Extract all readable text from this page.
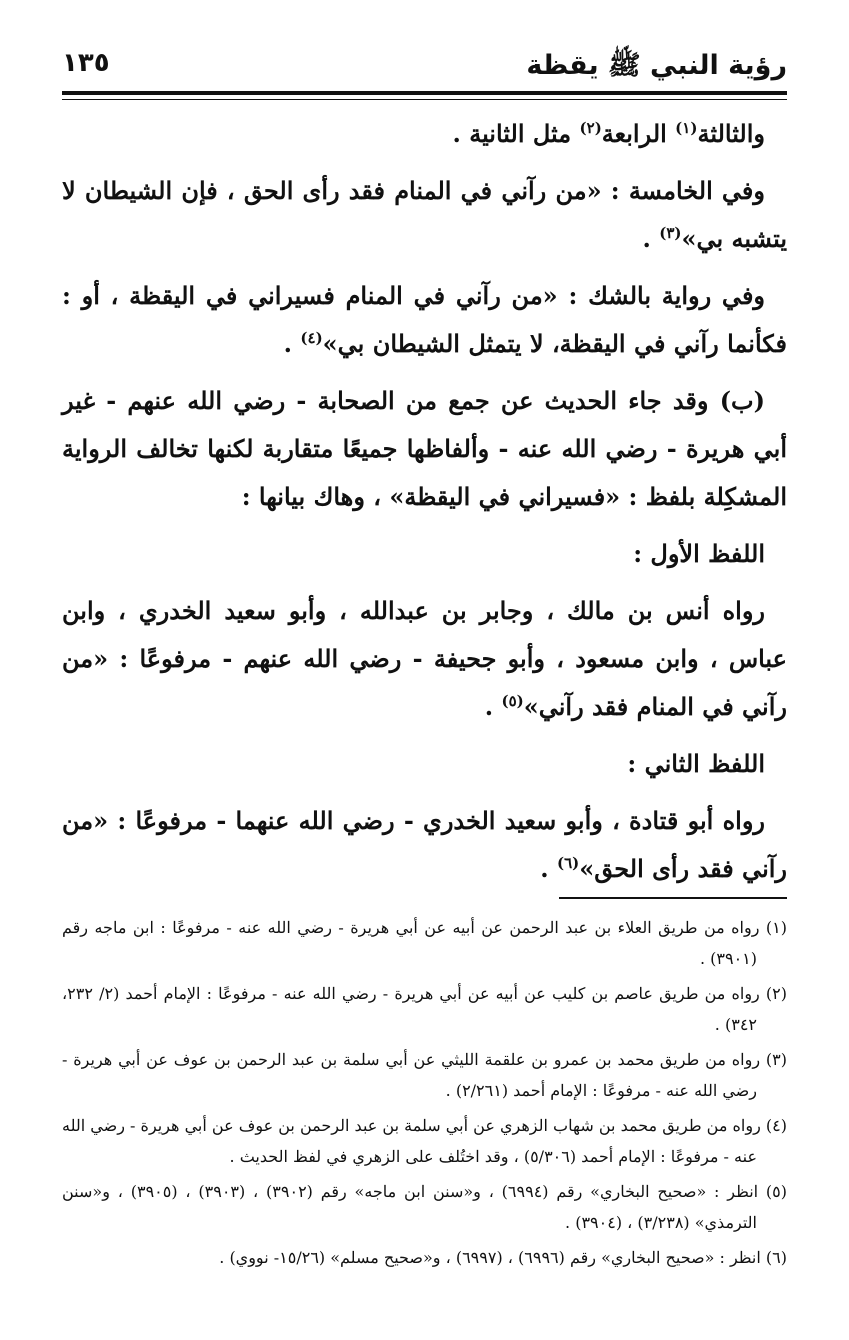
رؤية النبي ﷺ يقظة
١٣٥

والثالثة$^{(١)}$ الرابعة$^{(٢)}$ مثل الثانية .

وفي الخامسة : «من رآني في المنام فقد رأى الحق ، فإن الشيطان لا يتشبه بي»$^{(٣)}$ .

وفي رواية بالشك : «من رآني في المنام فسيراني في اليقظة ، أو : فكأنما رآني في اليقظة، لا يتمثل الشيطان بي»$^{(٤)}$ .

(ب) وقد جاء الحديث عن جمع من الصحابة - رضي الله عنهم - غير أبي هريرة - رضي الله عنه - وألفاظها جميعًا متقاربة لكنها تخالف الرواية المشكِلة بلفظ : «فسيراني في اليقظة» ، وهاك بيانها :

اللفظ الأول :

رواه أنس بن مالك ، وجابر بن عبدالله ، وأبو سعيد الخدري ، وابن عباس ، وابن مسعود ، وأبو جحيفة - رضي الله عنهم - مرفوعًا : «من رآني في المنام فقد رآني»$^{(٥)}$ .

اللفظ الثاني :

رواه أبو قتادة ، وأبو سعيد الخدري - رضي الله عنهما - مرفوعًا : «من رآني فقد رأى الحق»$^{(٦)}$ .

(١) رواه من طريق العلاء بن عبد الرحمن عن أبيه عن أبي هريرة - رضي الله عنه - مرفوعًا : ابن ماجه رقم (٣٩٠١) .

(٢) رواه من طريق عاصم بن كليب عن أبيه عن أبي هريرة - رضي الله عنه - مرفوعًا : الإمام أحمد (٢/ ٢٣٢، ٣٤٢) .

(٣) رواه من طريق محمد بن عمرو بن علقمة الليثي عن أبي سلمة بن عبد الرحمن بن عوف عن أبي هريرة - رضي الله عنه - مرفوعًا : الإمام أحمد (٢/٢٦١) .

(٤) رواه من طريق محمد بن شهاب الزهري عن أبي سلمة بن عبد الرحمن بن عوف عن أبي هريرة - رضي الله عنه - مرفوعًا : الإمام أحمد (٥/٣٠٦) ، وقد اختُلف على الزهري في لفظ الحديث .

(٥) انظر : «صحيح البخاري» رقم (٦٩٩٤) ، و«سنن ابن ماجه» رقم (٣٩٠٢) ، (٣٩٠٣) ، (٣٩٠٥) ، و«سنن الترمذي» (٣/٢٣٨) ، (٣٩٠٤) .

(٦) انظر : «صحيح البخاري» رقم (٦٩٩٦) ، (٦٩٩٧) ، و«صحيح مسلم» (١٥/٢٦- نووي) .
